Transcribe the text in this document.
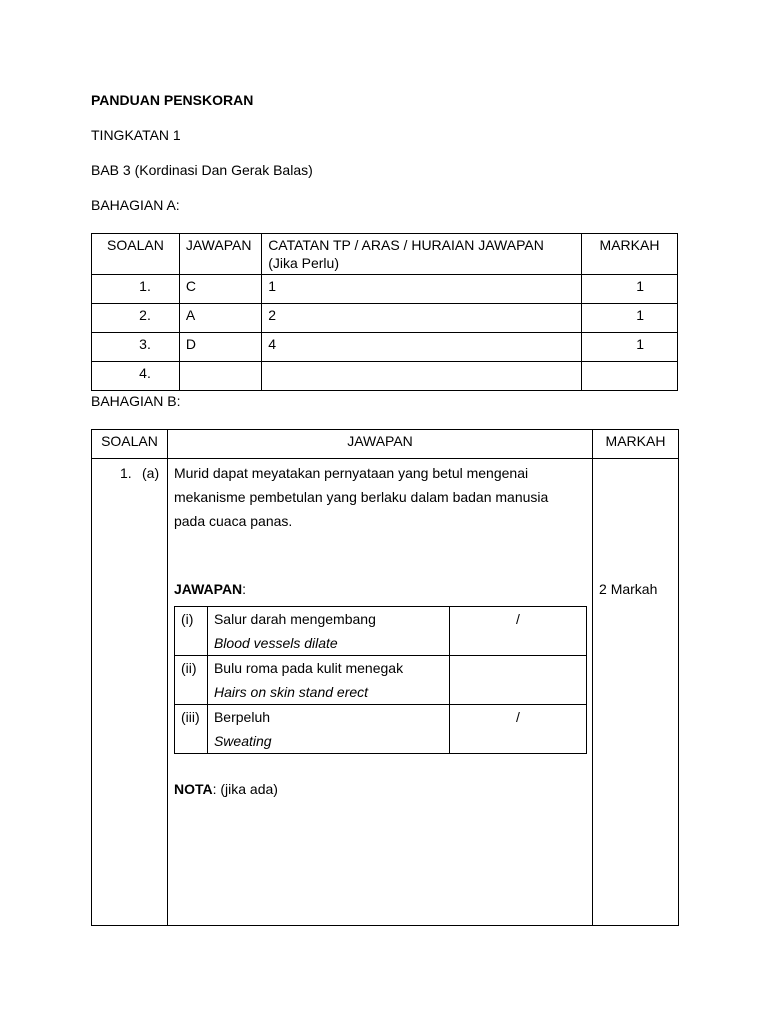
PANDUAN PENSKORAN
TINGKATAN 1
BAB 3 (Kordinasi Dan Gerak Balas)
BAHAGIAN A:
SOALAN	JAWAPAN	CATATAN TP / ARAS / HURAIAN JAWAPAN (Jika Perlu)	MARKAH
1.	C	1	1
2.	A	2	1
3.	D	4	1
4.			
BAHAGIAN B:
SOALAN	JAWAPAN	MARKAH

1. (a)	Murid dapat meyatakan pernyataan yang betul mengenai mekanisme pembetulan yang berlaku dalam badan manusia pada cuaca panas.
JAWAPAN:
(i)	Salur darah mengembang
Blood vessels dilate
	/
(ii)	Bulu roma pada kulit menegak
Hairs on skin stand erect

(iii)	Berpeluh
Sweating
	/
NOTA: (jika ada)

2 Markah
